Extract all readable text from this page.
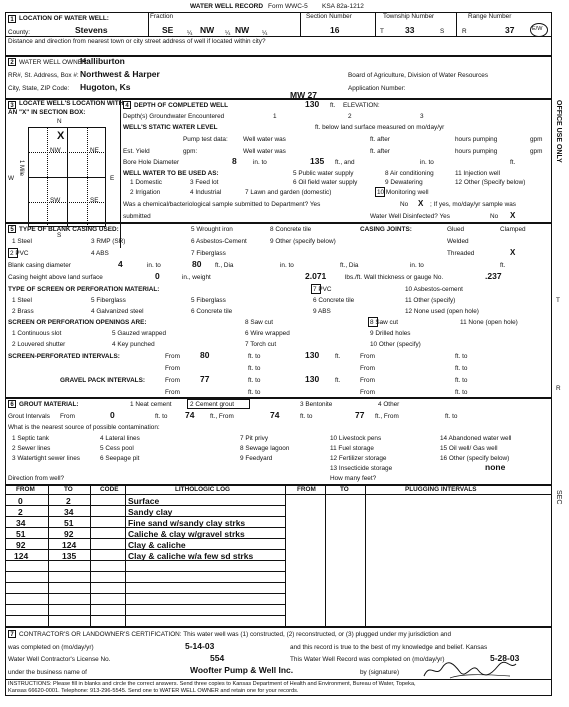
WATER WELL RECORD Form WWC-5 KSA 82a-1212
1 LOCATION OF WATER WELL:
County:	Stevens
Fraction
SE ¼ NW ¼ NW ¼
Section Number
16
Township Number
T 33	S
Range Number
R	37	E/W
Distance and direction from nearest town or city street address of well if located within city?
2 WATER WELL OWNER:
Halliburton
RR#, St. Address, Box #: Northwest & Harper
City, State, ZIP Code: Hugoton, Ks
Board of Agriculture, Division of Water Resources
Application Number:
MW 27
3 LOCATE WELL'S LOCATION WITH
AN "X" IN SECTION BOX:
N
S
W	E
1 Mile
NW	NE
SW	SE
X
4 DEPTH OF COMPLETED WELL	130 ft. ELEVATION:
Depth(s) Groundwater Encountered	1	2	3
WELL'S STATIC WATER LEVEL	ft. below land surface measured on mo/day/yr
Pump test data: Well water was	ft. after	hours pumping	gpm
Est. Yield	gpm:	Well water was	ft. after	hours pumping	gpm
Bore Hole Diameter	8	in. to	135 ft., and	in. to	ft.
WELL WATER TO BE USED AS:	5 Public water supply	8 Air conditioning	11 Injection well
1 Domestic	3 Feed lot	6 Oil field water supply	9 Dewatering	12 Other (Specify below)
2 Irrigation	4 Industrial	7 Lawn and garden (domestic)	10 Monitoring well
Was a chemical/bacteriological sample submitted to Department? Yes	No X ; If yes, mo/day/yr sample was
submitted	Water Well Disinfected? Yes	No X
5 TYPE OF BLANK CASING USED:	5 Wrought iron	8 Concrete tile	CASING JOINTS:	Glued	Clamped
1 Steel	3 RMP (SR)	6 Asbestos-Cement	9 Other (specify below)	Welded
2 PVC	4 ABS	7 Fiberglass	Threaded	X
Blank casing diameter	4	in. to	80 ft., Dia	in. to	ft., Dia	in. to	ft.
Casing height above land surface	0	in., weight	2.071	lbs./ft. Wall thickness or gauge No.	.237
TYPE OF SCREEN OR PERFORATION MATERIAL:	7 PVC	10 Asbestos-cement
1 Steel	5 Fiberglass	5 Fiberglass	6 Concrete tile	11 Other (specify)
2 Brass	4 Galvanized steel	6 Concrete tile	9 ABS	12 None used (open hole)
SCREEN OR PERFORATION OPENINGS ARE:
1 Continuous slot	5 Gauzed wrapped
8 Saw cut	8 Saw cut	11 None (open hole)
2 Louvered shutter	4 Key punched
6 Wire wrapped
7 Torch cut
9 Drilled holes
10 Other (specify)
SCREEN-PERFORATED INTERVALS:	From 80	ft. to	130 ft.	From	ft. to
From	ft. to	From	ft. to
GRAVEL PACK INTERVALS:	From 77	ft. to	130 ft.	From	ft. to
From	ft. to	From	ft. to
6 GROUT MATERIAL:	1 Neat cement	2 Cement grout	3 Bentonite	4 Other
Grout Intervals From	0	ft. to 74 ft., From	74	ft. to	77 ft., From	ft. to
What is the nearest source of possible contamination:
1 Septic tank	4 Lateral lines	7 Pit privy	10 Livestock pens	14 Abandoned water well
2 Sewer lines	5 Cess pool	8 Sewage lagoon	11 Fuel storage	15 Oil well/ Gas well
3 Watertight sewer lines	6 Seepage pit	9 Feedyard	12 Fertilizer storage	16 Other (specify below)
13 Insecticide storage	none
Direction from well?	How many feet?
FROM	TO	CODE	LITHOLOGIC LOG	FROM	TO	PLUGGING INTERVALS
0	2	Surface
2	34	Sandy clay
34	51	Fine sand w/sandy clay strks
51	92	Caliche & clay w/gravel strks
92	124	Clay & caliche
124	135	Clay & caliche w/a few sd strks
7 CONTRACTOR'S OR LANDOWNER'S CERTIFICATION: This water well was (1) constructed, (2) reconstructed, or (3) plugged under my jurisdiction and
was completed on (mo/day/yr)	5-14-03	and this record is true to the best of my knowledge and belief. Kansas
Water Well Contractor's License No.	554	This Water Well Record was completed on (mo/day/yr)	5-28-03
under the business name of	Woofter Pump & Well Inc.	by (signature)
INSTRUCTIONS: Please fill in blanks and circle the correct answers. Send three copies to Kansas Department of Health and Environment, Bureau of Water, Topeka,
Kansas 66620-0001. Telephone: 913-296-5545. Send one to WATER WELL OWNER and retain one for your records.
OFFICE USE ONLY
T
R
SEC
